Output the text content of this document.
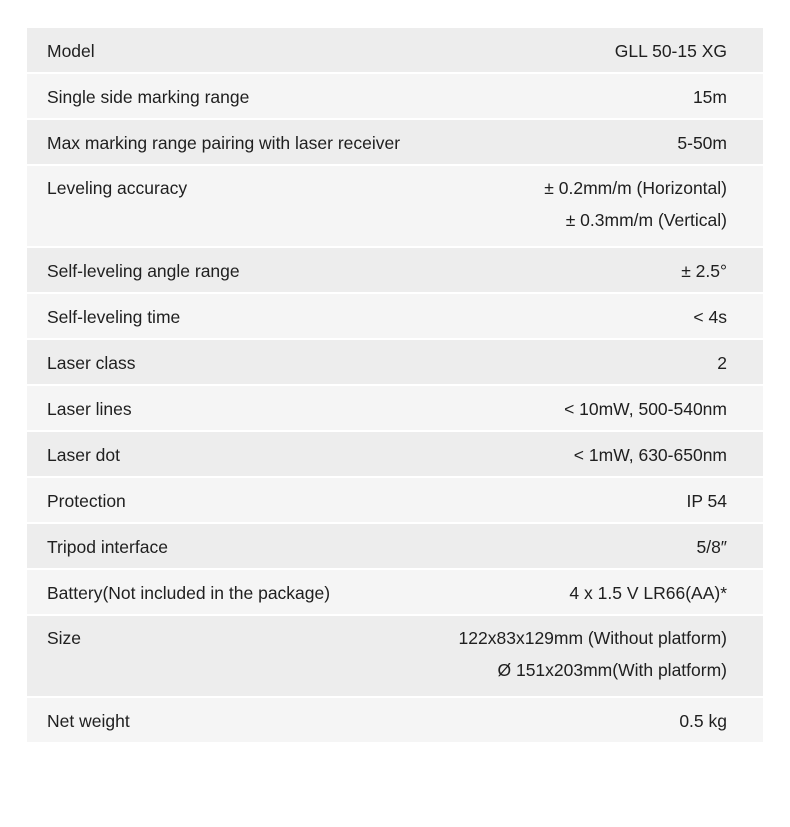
Model	GLL 50-15 XG
Single side marking range	15m
Max marking range pairing with laser receiver	5-50m
Leveling accuracy	± 0.2mm/m (Horizontal)
± 0.3mm/m (Vertical)
Self-leveling angle range	± 2.5°
Self-leveling time	< 4s
Laser class	2
Laser lines	< 10mW, 500-540nm
Laser dot	< 1mW, 630-650nm
Protection	IP 54
Tripod interface	5/8″
Battery(Not included in the package)	4 x 1.5 V LR66(AA)*
Size	122x83x129mm (Without platform)
Ø 151x203mm(With platform)
Net weight	0.5 kg
